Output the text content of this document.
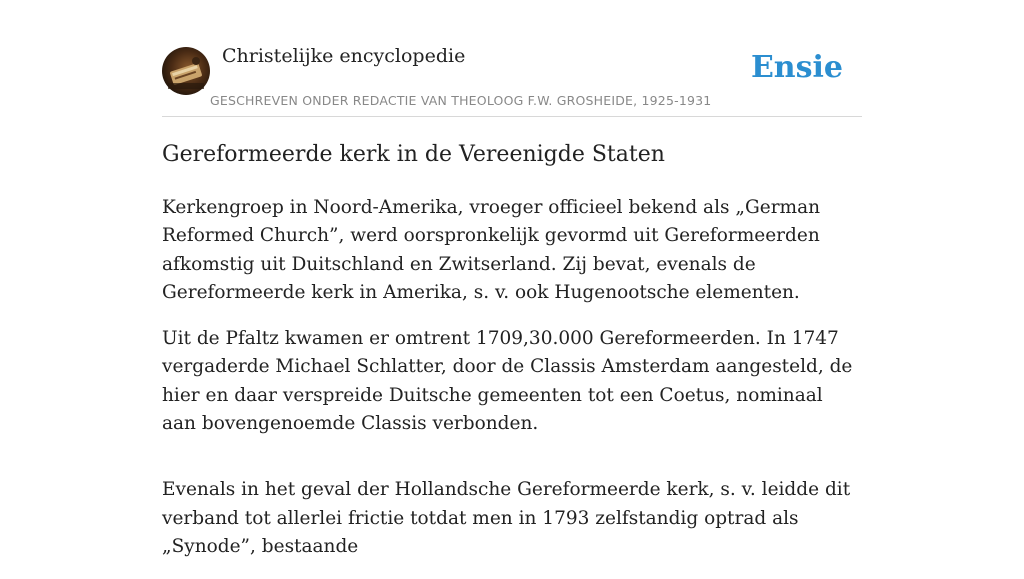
Christelijke encyclopedie
GESCHREVEN ONDER REDACTIE VAN THEOLOOG F.W. GROSHEIDE, 1925-1931
Ensie
Gereformeerde kerk in de Vereenigde Staten

Kerkengroep in Noord-Amerika, vroeger officieel bekend als „German Reformed Church”, werd oorspronkelijk gevormd uit Gereformeerden afkomstig uit Duitschland en Zwitserland. Zij bevat, evenals de Gereformeerde kerk in Amerika, s. v. ook Hugenootsche elementen.

Uit de Pfaltz kwamen er omtrent 1709,30.000 Gereformeerden. In 1747 vergaderde Michael Schlatter, door de Classis Amsterdam aangesteld, de hier en daar verspreide Duitsche gemeenten tot een Coetus, nominaal aan bovengenoemde Classis verbonden.

Evenals in het geval der Hollandsche Gereformeerde kerk, s. v. leidde dit verband tot allerlei frictie totdat men in 1793 zelfstandig optrad als „Synode”, bestaande
